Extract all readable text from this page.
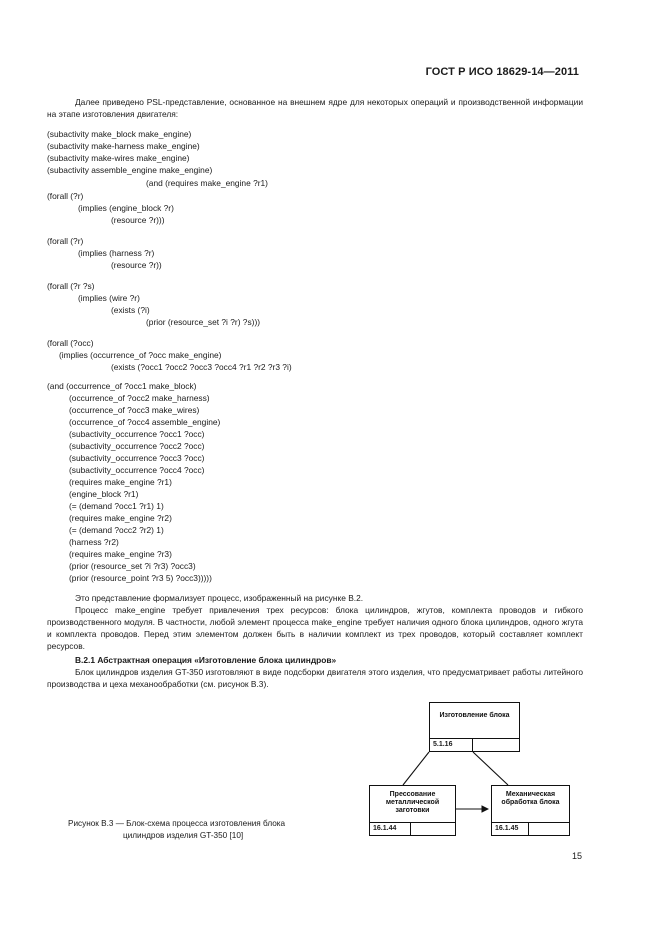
ГОСТ Р ИСО 18629-14—2011
Далее приведено PSL-представление, основанное на внешнем ядре для некоторых операций и производственной информации на этапе изготовления двигателя:
(subactivity make_block make_engine)
(subactivity make-harness make_engine)
(subactivity make-wires make_engine)
(subactivity assemble_engine make_engine)
(and (requires make_engine ?r1)
(forall (?r)
(implies (engine_block ?r)
(resource ?r)))
(forall (?r)
(implies (harness ?r)
(resource ?r))
(forall (?r ?s)
(implies (wire ?r)
(exists (?i)
(prior (resource_set ?i ?r) ?s)))
(forall (?occ)
(implies (occurrence_of ?occ make_engine)
(exists (?occ1 ?occ2 ?occ3 ?occ4 ?r1 ?r2 ?r3 ?i)
(and (occurrence_of ?occ1 make_block)
(occurrence_of ?occ2 make_harness)
(occurrence_of ?occ3 make_wires)
(occurrence_of ?occ4 assemble_engine)
(subactivity_occurrence ?occ1 ?occ)
(subactivity_occurrence ?occ2 ?occ)
(subactivity_occurrence ?occ3 ?occ)
(subactivity_occurrence ?occ4 ?occ)
(requires make_engine ?r1)
(engine_block ?r1)
(= (demand ?occ1 ?r1) 1)
(requires make_engine ?r2)
(= (demand ?occ2 ?r2) 1)
(harness ?r2)
(requires make_engine ?r3)
(prior (resource_set ?i ?r3) ?occ3)
(prior (resource_point ?r3 5) ?occ3)))))
Это представление формализует процесс, изображенный на рисунке В.2.
Процесс make_engine требует привлечения трех ресурсов: блока цилиндров, жгутов, комплекта проводов и гибкого производственного модуля. В частности, любой элемент процесса make_engine требует наличия одного блока цилиндров, одного жгута и комплекта проводов. Перед этим элементом должен быть в наличии комплект из трех проводов, который составляет комплект ресурсов.
В.2.1 Абстрактная операция «Изготовление блока цилиндров»
Блок цилиндров изделия GT-350 изготовляют в виде подсборки двигателя этого изделия, что предусматривает работы литейного производства и цеха механообработки (см. рисунок В.3).
Изготовление блока
5.1.16
Прессование металлической заготовки
16.1.44
Механическая обработка блока
16.1.45
Рисунок В.3 — Блок-схема процесса изготовления блока
цилиндров изделия GT-350 [10]
15
